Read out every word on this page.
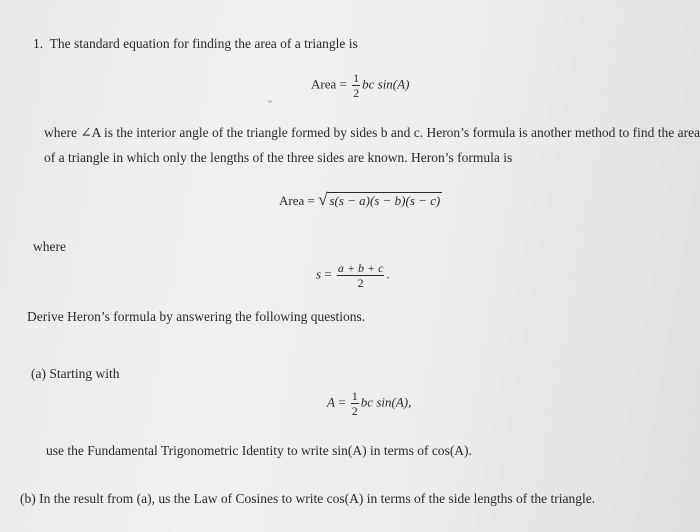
1. The standard equation for finding the area of a triangle is
Area = $\frac{1}{2}$ bc sin(A)
where ∠A is the interior angle of the triangle formed by sides b and c. Heron’s formula is another method to find the area
of a triangle in which only the lengths of the three sides are known. Heron’s formula is
Area = √ s(s − a)(s − b)(s − c)
where
$s = \frac{a + b + c}{2}$ .
Derive Heron’s formula by answering the following questions.
(a) Starting with
$A = \frac{1}{2}$ bc sin(A),
use the Fundamental Trigonometric Identity to write sin(A) in terms of cos(A).
(b) In the result from (a), us the Law of Cosines to write cos(A) in terms of the side lengths of the triangle.
